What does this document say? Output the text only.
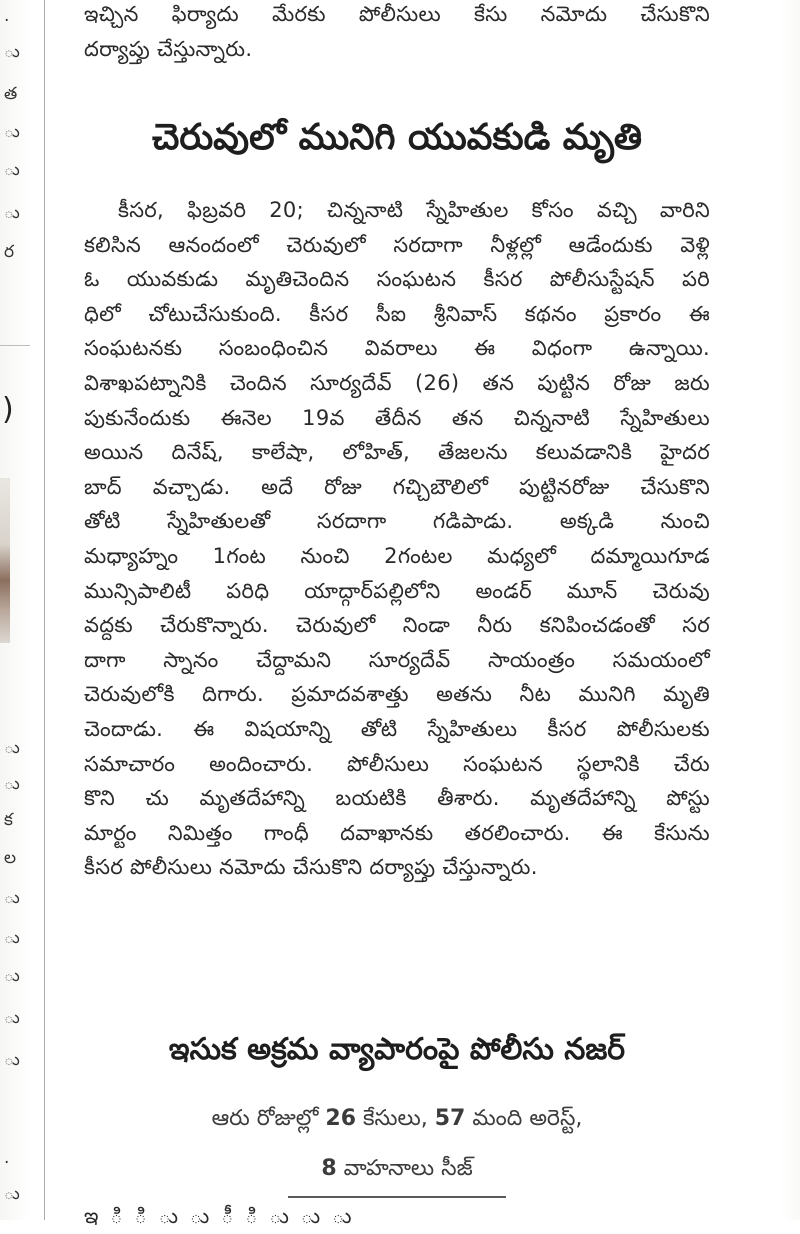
.
ు
త
ు
ు
ు
ర
)
ు
ు
క
ల
ు
ు
ు
ు
ు
.
ు
ఇచ్చిన ఫిర్యాదు మేరకు పోలీసులు కేసు నమోదు చేసుకొని
దర్యాప్తు చేస్తున్నారు.
చెరువులో మునిగి యువకుడి మృతి
కీసర, ఫిబ్రవరి 20; చిన్ననాటి స్నేహితుల కోసం వచ్చి వారిని
కలిసిన ఆనందంలో చెరువులో సరదాగా నీళ్లల్లో ఆడేందుకు వెళ్లి
ఓ యువకుడు మృతిచెందిన సంఘటన కీసర పోలీసుస్టేషన్ పరి
ధిలో చోటుచేసుకుంది. కీసర సీఐ శ్రీనివాస్ కథనం ప్రకారం ఈ
సంఘటనకు సంబంధించిన వివరాలు ఈ విధంగా ఉన్నాయి.
విశాఖపట్నానికి చెందిన సూర్యదేవ్ (26) తన పుట్టిన రోజు జరు
పుకునేందుకు ఈనెల 19వ తేదీన తన చిన్ననాటి స్నేహితులు
అయిన దినేష్, కాలేషా, లోహిత్, తేజలను కలువడానికి హైదర
బాద్ వచ్చాడు. అదే రోజు గచ్చిబౌలిలో పుట్టినరోజు చేసుకొని
తోటి స్నేహితులతో సరదాగా గడిపాడు. అక్కడి నుంచి
మధ్యాహ్నం 1గంట నుంచి 2గంటల మధ్యలో దమ్మాయిగూడ
మున్సిపాలిటీ పరిధి యాద్గార్‌పల్లిలోని అండర్ మూన్ చెరువు
వద్దకు చేరుకొన్నారు. చెరువులో నిండా నీరు కనిపించడంతో సర
దాగా స్నానం చేద్దామని సూర్యదేవ్ సాయంత్రం సమయంలో
చెరువులోకి దిగారు. ప్రమాదవశాత్తు అతను నీట మునిగి మృతి
చెందాడు. ఈ విషయాన్ని తోటి స్నేహితులు కీసర పోలీసులకు
సమాచారం అందించారు. పోలీసులు సంఘటన స్థలానికి చేరు
కొని చు మృతదేహాన్ని బయటికి తీశారు. మృతదేహాన్ని పోస్టు
మార్టం నిమిత్తం గాంధీ దవాఖానకు తరలించారు. ఈ కేసును
కీసర పోలీసులు నమోదు చేసుకొని దర్యాప్తు చేస్తున్నారు.
ఇసుక అక్రమ వ్యాపారంపై పోలీసు నజర్
ఆరు రోజుల్లో 26 కేసులు, 57 మంది అరెస్ట్,
8 వాహనాలు సీజ్
ఇ ి ి ు ు ీ ి ు ు ు
